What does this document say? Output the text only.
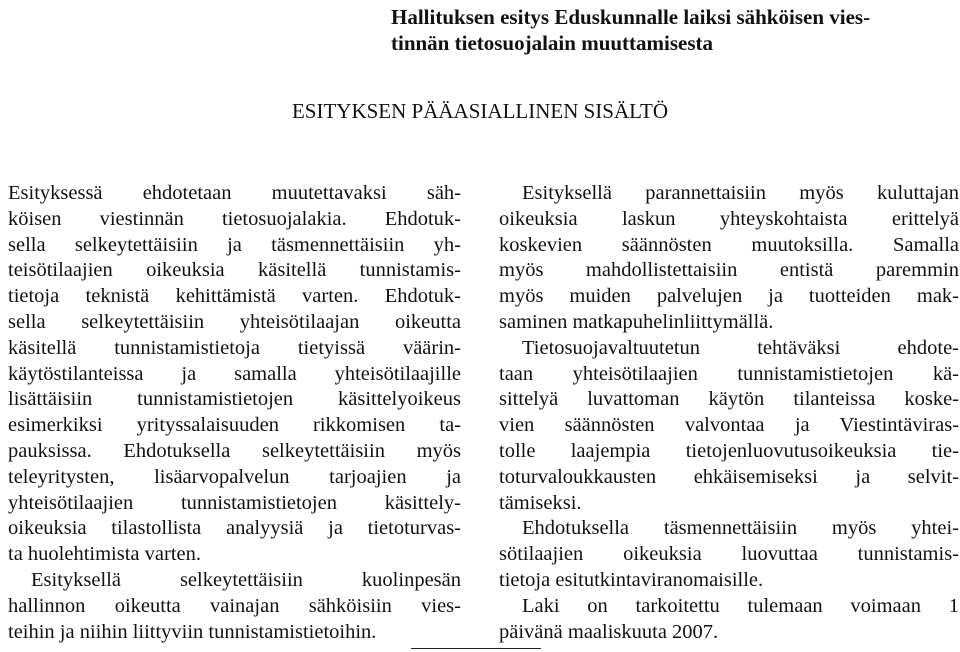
Hallituksen esitys Eduskunnalle laiksi sähköisen vies-
tinnän tietosuojalain muuttamisesta
ESITYKSEN PÄÄASIALLINEN SISÄLTÖ
Esityksessä ehdotetaan muutettavaksi säh-
köisen viestinnän tietosuojalakia. Ehdotuk-
sella selkeytettäisiin ja täsmennettäisiin yh-
teisötilaajien oikeuksia käsitellä tunnistamis-
tietoja teknistä kehittämistä varten. Ehdotuk-
sella selkeytettäisiin yhteisötilaajan oikeutta
käsitellä tunnistamistietoja tietyissä väärin-
käytöstilanteissa ja samalla yhteisötilaajille
lisättäisiin tunnistamistietojen käsittelyoikeus
esimerkiksi yrityssalaisuuden rikkomisen ta-
pauksissa. Ehdotuksella selkeytettäisiin myös
teleyritysten, lisäarvopalvelun tarjoajien ja
yhteisötilaajien tunnistamistietojen käsittely-
oikeuksia tilastollista analyysiä ja tietoturvas-
ta huolehtimista varten.
Esityksellä selkeytettäisiin kuolinpesän
hallinnon oikeutta vainajan sähköisiin vies-
teihin ja niihin liittyviin tunnistamistietoihin.
Esityksellä parannettaisiin myös kuluttajan
oikeuksia laskun yhteyskohtaista erittelyä
koskevien säännösten muutoksilla. Samalla
myös mahdollistettaisiin entistä paremmin
myös muiden palvelujen ja tuotteiden mak-
saminen matkapuhelinliittymällä.
Tietosuojavaltuutetun tehtäväksi ehdote-
taan yhteisötilaajien tunnistamistietojen kä-
sittelyä luvattoman käytön tilanteissa koske-
vien säännösten valvontaa ja Viestintäviras-
tolle laajempia tietojenluovutusoikeuksia tie-
toturvaloukkausten ehkäisemiseksi ja selvit-
tämiseksi.
Ehdotuksella täsmennettäisiin myös yhtei-
sötilaajien oikeuksia luovuttaa tunnistamis-
tietoja esitutkintaviranomaisille.
Laki on tarkoitettu tulemaan voimaan 1
päivänä maaliskuuta 2007.
